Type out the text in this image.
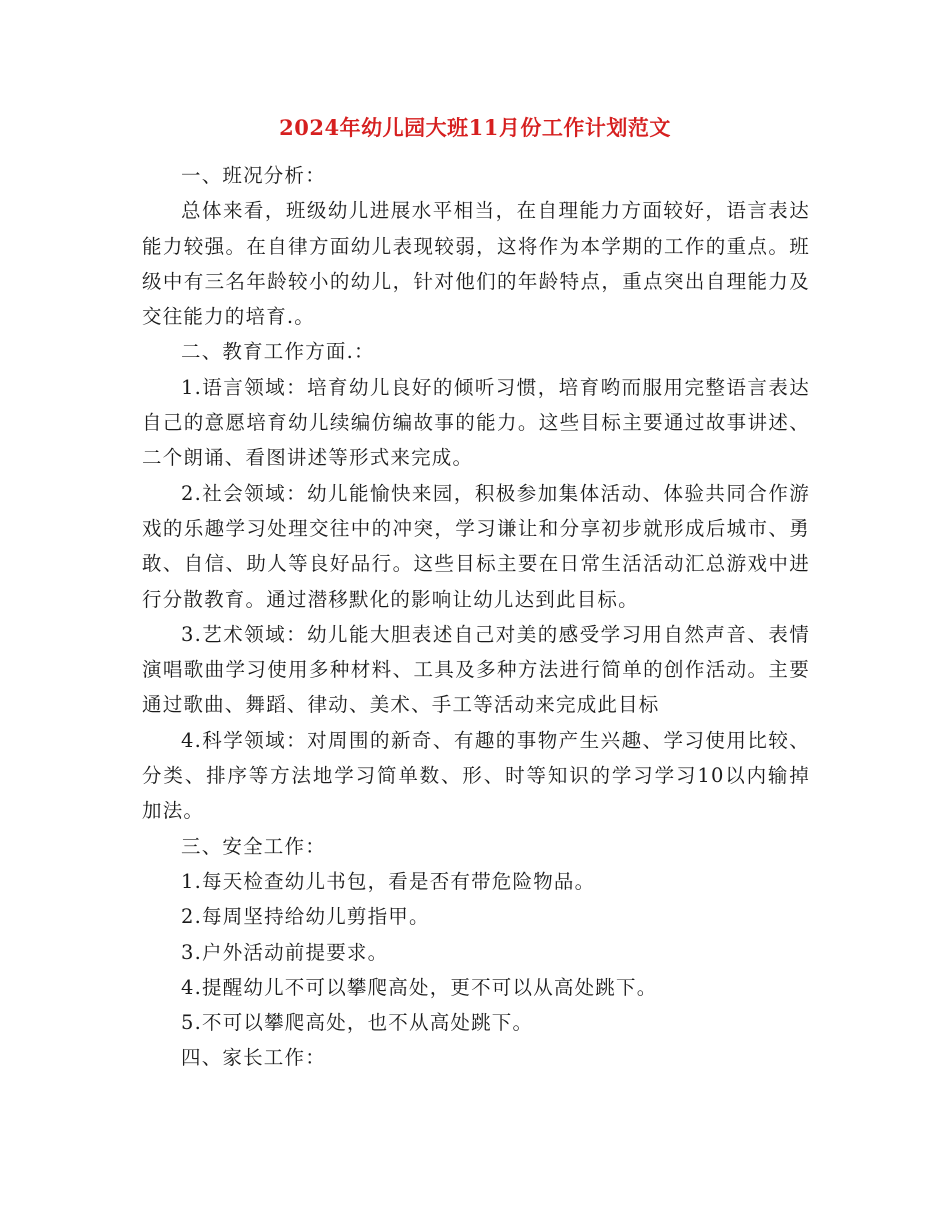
2024年幼儿园大班11月份工作计划范文

一、班况分析：

总体来看，班级幼儿进展水平相当，在自理能力方面较好，语言表达能力较强。在自律方面幼儿表现较弱，这将作为本学期的工作的重点。班级中有三名年龄较小的幼儿，针对他们的年龄特点，重点突出自理能力及交往能力的培育.。

二、教育工作方面.：

1.语言领域：培育幼儿良好的倾听习惯，培育哟而服用完整语言表达自己的意愿培育幼儿续编仿编故事的能力。这些目标主要通过故事讲述、二个朗诵、看图讲述等形式来完成。

2.社会领域：幼儿能愉快来园，积极参加集体活动、体验共同合作游戏的乐趣学习处理交往中的冲突，学习谦让和分享初步就形成后城市、勇敢、自信、助人等良好品行。这些目标主要在日常生活活动汇总游戏中进行分散教育。通过潜移默化的影响让幼儿达到此目标。

3.艺术领域：幼儿能大胆表述自己对美的感受学习用自然声音、表情演唱歌曲学习使用多种材料、工具及多种方法进行简单的创作活动。主要通过歌曲、舞蹈、律动、美术、手工等活动来完成此目标

4.科学领域：对周围的新奇、有趣的事物产生兴趣、学习使用比较、分类、排序等方法地学习简单数、形、时等知识的学习学习10以内输掉加法。

三、安全工作：

1.每天检查幼儿书包，看是否有带危险物品。

2.每周坚持给幼儿剪指甲。

3.户外活动前提要求。

4.提醒幼儿不可以攀爬高处，更不可以从高处跳下。

5.不可以攀爬高处，也不从高处跳下。

四、家长工作：
